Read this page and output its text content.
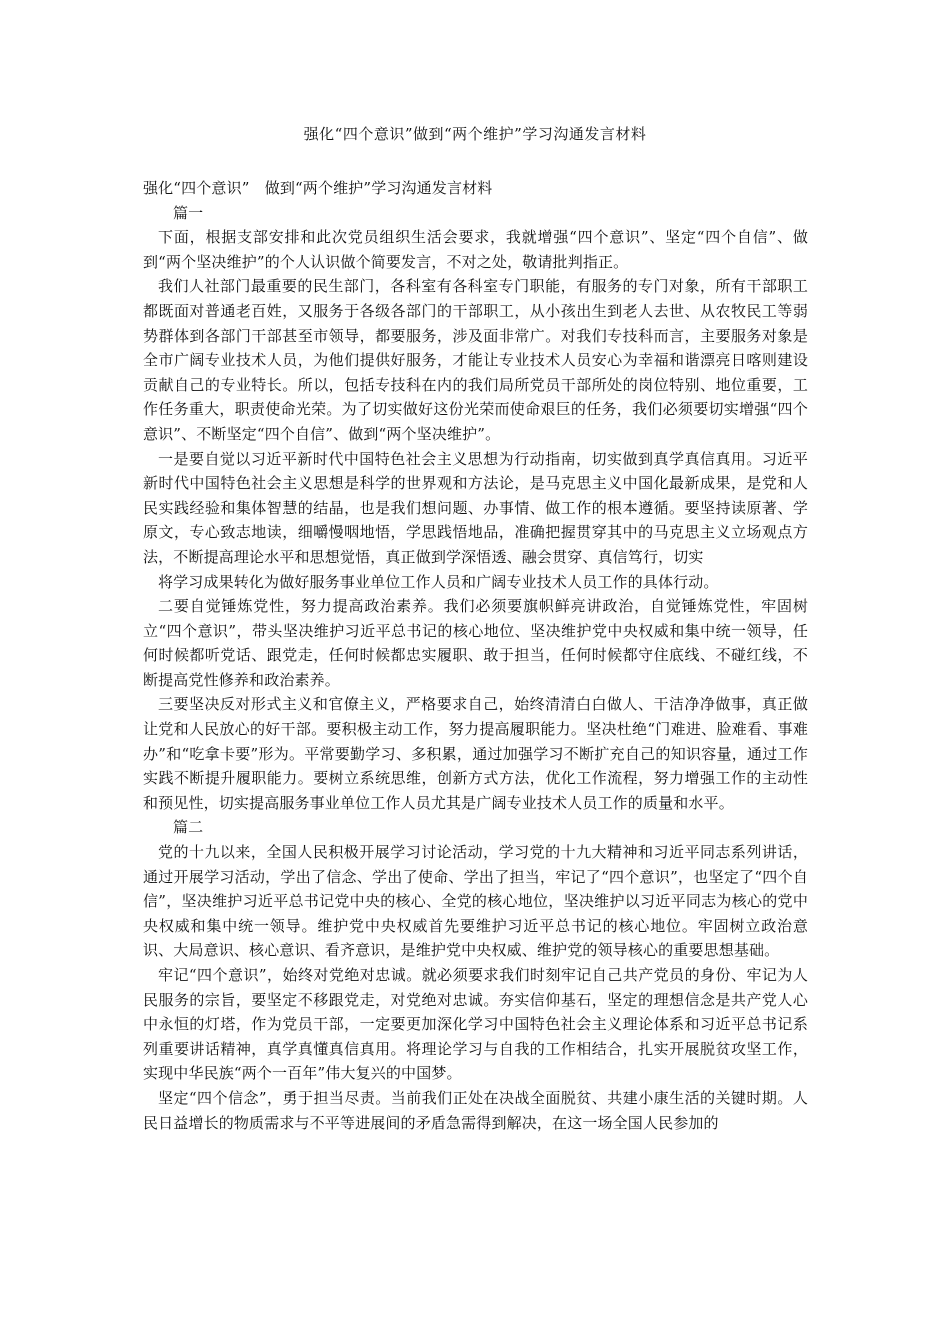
强化“四个意识”做到“两个维护”学习沟通发言材料

强化“四个意识”　做到“两个维护”学习沟通发言材料

篇一

下面，根据支部安排和此次党员组织生活会要求，我就增强“四个意识”、坚定“四个自信”、做到“两个坚决维护”的个人认识做个简要发言，不对之处，敬请批判指正。

我们人社部门最重要的民生部门，各科室有各科室专门职能，有服务的专门对象，所有干部职工都既面对普通老百姓，又服务于各级各部门的干部职工，从小孩出生到老人去世、从农牧民工等弱势群体到各部门干部甚至市领导，都要服务，涉及面非常广。对我们专技科而言，主要服务对象是全市广阔专业技术人员，为他们提供好服务，才能让专业技术人员安心为幸福和谐漂亮日喀则建设贡献自己的专业特长。所以，包括专技科在内的我们局所党员干部所处的岗位特别、地位重要，工作任务重大，职责使命光荣。为了切实做好这份光荣而使命艰巨的任务，我们必须要切实增强“四个意识”、不断坚定“四个自信”、做到“两个坚决维护”。

一是要自觉以习近平新时代中国特色社会主义思想为行动指南，切实做到真学真信真用。习近平新时代中国特色社会主义思想是科学的世界观和方法论，是马克思主义中国化最新成果，是党和人民实践经验和集体智慧的结晶，也是我们想问题、办事情、做工作的根本遵循。要坚持读原著、学原文，专心致志地读，细嚼慢咽地悟，学思践悟地品，准确把握贯穿其中的马克思主义立场观点方法，不断提高理论水平和思想觉悟，真正做到学深悟透、融会贯穿、真信笃行，切实

将学习成果转化为做好服务事业单位工作人员和广阔专业技术人员工作的具体行动。

二要自觉锤炼党性，努力提高政治素养。我们必须要旗帜鲜亮讲政治，自觉锤炼党性，牢固树立“四个意识”，带头坚决维护习近平总书记的核心地位、坚决维护党中央权威和集中统一领导，任何时候都听党话、跟党走，任何时候都忠实履职、敢于担当，任何时候都守住底线、不碰红线，不断提高党性修养和政治素养。

三要坚决反对形式主义和官僚主义，严格要求自己，始终清清白白做人、干洁净净做事，真正做让党和人民放心的好干部。要积极主动工作，努力提高履职能力。坚决杜绝“门难进、脸难看、事难办”和“吃拿卡要”形为。平常要勤学习、多积累，通过加强学习不断扩充自己的知识容量，通过工作实践不断提升履职能力。要树立系统思维，创新方式方法，优化工作流程，努力增强工作的主动性和预见性，切实提高服务事业单位工作人员尤其是广阔专业技术人员工作的质量和水平。

篇二

党的十九以来，全国人民积极开展学习讨论活动，学习党的十九大精神和习近平同志系列讲话，通过开展学习活动，学出了信念、学出了使命、学出了担当，牢记了“四个意识”，也坚定了“四个自信”，坚决维护习近平总书记党中央的核心、全党的核心地位，坚决维护以习近平同志为核心的党中央权威和集中统一领导。维护党中央权威首先要维护习近平总书记的核心地位。牢固树立政治意识、大局意识、核心意识、看齐意识，是维护党中央权威、维护党的领导核心的重要思想基础。

牢记“四个意识”，始终对党绝对忠诚。就必须要求我们时刻牢记自己共产党员的身份、牢记为人民服务的宗旨，要坚定不移跟党走，对党绝对忠诚。夯实信仰基石，坚定的理想信念是共产党人心中永恒的灯塔，作为党员干部，一定要更加深化学习中国特色社会主义理论体系和习近平总书记系列重要讲话精神，真学真懂真信真用。将理论学习与自我的工作相结合，扎实开展脱贫攻坚工作，实现中华民族“两个一百年”伟大复兴的中国梦。

坚定“四个信念”，勇于担当尽责。当前我们正处在决战全面脱贫、共建小康生活的关键时期。人民日益增长的物质需求与不平等进展间的矛盾急需得到解决，在这一场全国人民参加的
